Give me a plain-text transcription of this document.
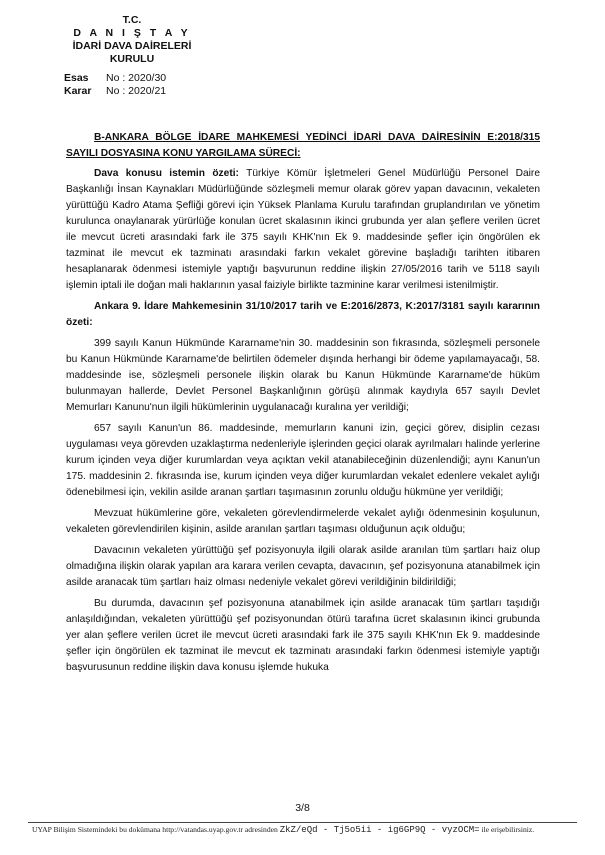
T.C.
D A N I Ş T A Y
İDARİ DAVA DAİRELERİ
KURULU
Esas No : 2020/30
Karar No : 2020/21
B-ANKARA BÖLGE İDARE MAHKEMESİ YEDİNCİ İDARİ DAVA DAİRESİNİN E:2018/315 SAYILI DOSYASINA KONU YARGILAMA SÜRECİ:

Dava konusu istemin özeti: Türkiye Kömür İşletmeleri Genel Müdürlüğü Personel Daire Başkanlığı İnsan Kaynakları Müdürlüğünde sözleşmeli memur olarak görev yapan davacının, vekaleten yürüttüğü Kadro Atama Şefliği görevi için Yüksek Planlama Kurulu tarafından gruplandırılan ve yönetim kurulunca onaylanarak yürürlüğe konulan ücret skalasının ikinci grubunda yer alan şeflere verilen ücret ile mevcut ücreti arasındaki fark ile 375 sayılı KHK'nın Ek 9. maddesinde şefler için öngörülen ek tazminat ile mevcut ek tazminatı arasındaki farkın vekalet görevine başladığı tarihten itibaren hesaplanarak ödenmesi istemiyle yaptığı başvurunun reddine ilişkin 27/05/2016 tarih ve 5118 sayılı işlemin iptali ile doğan mali haklarının yasal faiziyle birlikte tazminine karar verilmesi istenilmiştir.

Ankara 9. İdare Mahkemesinin 31/10/2017 tarih ve E:2016/2873, K:2017/3181 sayılı kararının özeti:

399 sayılı Kanun Hükmünde Kararname'nin 30. maddesinin son fıkrasında, sözleşmeli personele bu Kanun Hükmünde Kararname'de belirtilen ödemeler dışında herhangi bir ödeme yapılamayacağı, 58. maddesinde ise, sözleşmeli personele ilişkin olarak bu Kanun Hükmünde Kararname'de hüküm bulunmayan hallerde, Devlet Personel Başkanlığının görüşü alınmak kaydıyla 657 sayılı Devlet Memurları Kanunu'nun ilgili hükümlerinin uygulanacağı kuralına yer verildiği;

657 sayılı Kanun'un 86. maddesinde, memurların kanuni izin, geçici görev, disiplin cezası uygulaması veya görevden uzaklaştırma nedenleriyle işlerinden geçici olarak ayrılmaları halinde yerlerine kurum içinden veya diğer kurumlardan veya açıktan vekil atanabileceğinin düzenlendiği; aynı Kanun'un 175. maddesinin 2. fıkrasında ise, kurum içinden veya diğer kurumlardan vekalet edenlere vekalet aylığı ödenebilmesi için, vekilin asilde aranan şartları taşımasının zorunlu olduğu hükmüne yer verildiği;

Mevzuat hükümlerine göre, vekaleten görevlendirmelerde vekalet aylığı ödenmesinin koşulunun, vekaleten görevlendirilen kişinin, asilde aranılan şartları taşıması olduğunun açık olduğu;

Davacının vekaleten yürüttüğü şef pozisyonuyla ilgili olarak asilde aranılan tüm şartları haiz olup olmadığına ilişkin olarak yapılan ara karara verilen cevapta, davacının, şef pozisyonuna atanabilmek için asilde aranacak tüm şartları haiz olması nedeniyle vekalet görevi verildiğinin bildirildiği;

Bu durumda, davacının şef pozisyonuna atanabilmek için asilde aranacak tüm şartları taşıdığı anlaşıldığından, vekaleten yürüttüğü şef pozisyonundan ötürü tarafına ücret skalasının ikinci grubunda yer alan şeflere verilen ücret ile mevcut ücreti arasındaki fark ile 375 sayılı KHK'nın Ek 9. maddesinde şefler için öngörülen ek tazminat ile mevcut ek tazminatı arasındaki farkın ödenmesi istemiyle yaptığı başvurusunun reddine ilişkin dava konusu işlemde hukuka

3/8
UYAP Bilişim Sistemindeki bu dokümana http://vatandas.uyap.gov.tr adresinden ZkZ/eQd - Tj5o5ii - ig6GP9Q - vyzOCM= ile erişebilirsiniz.
